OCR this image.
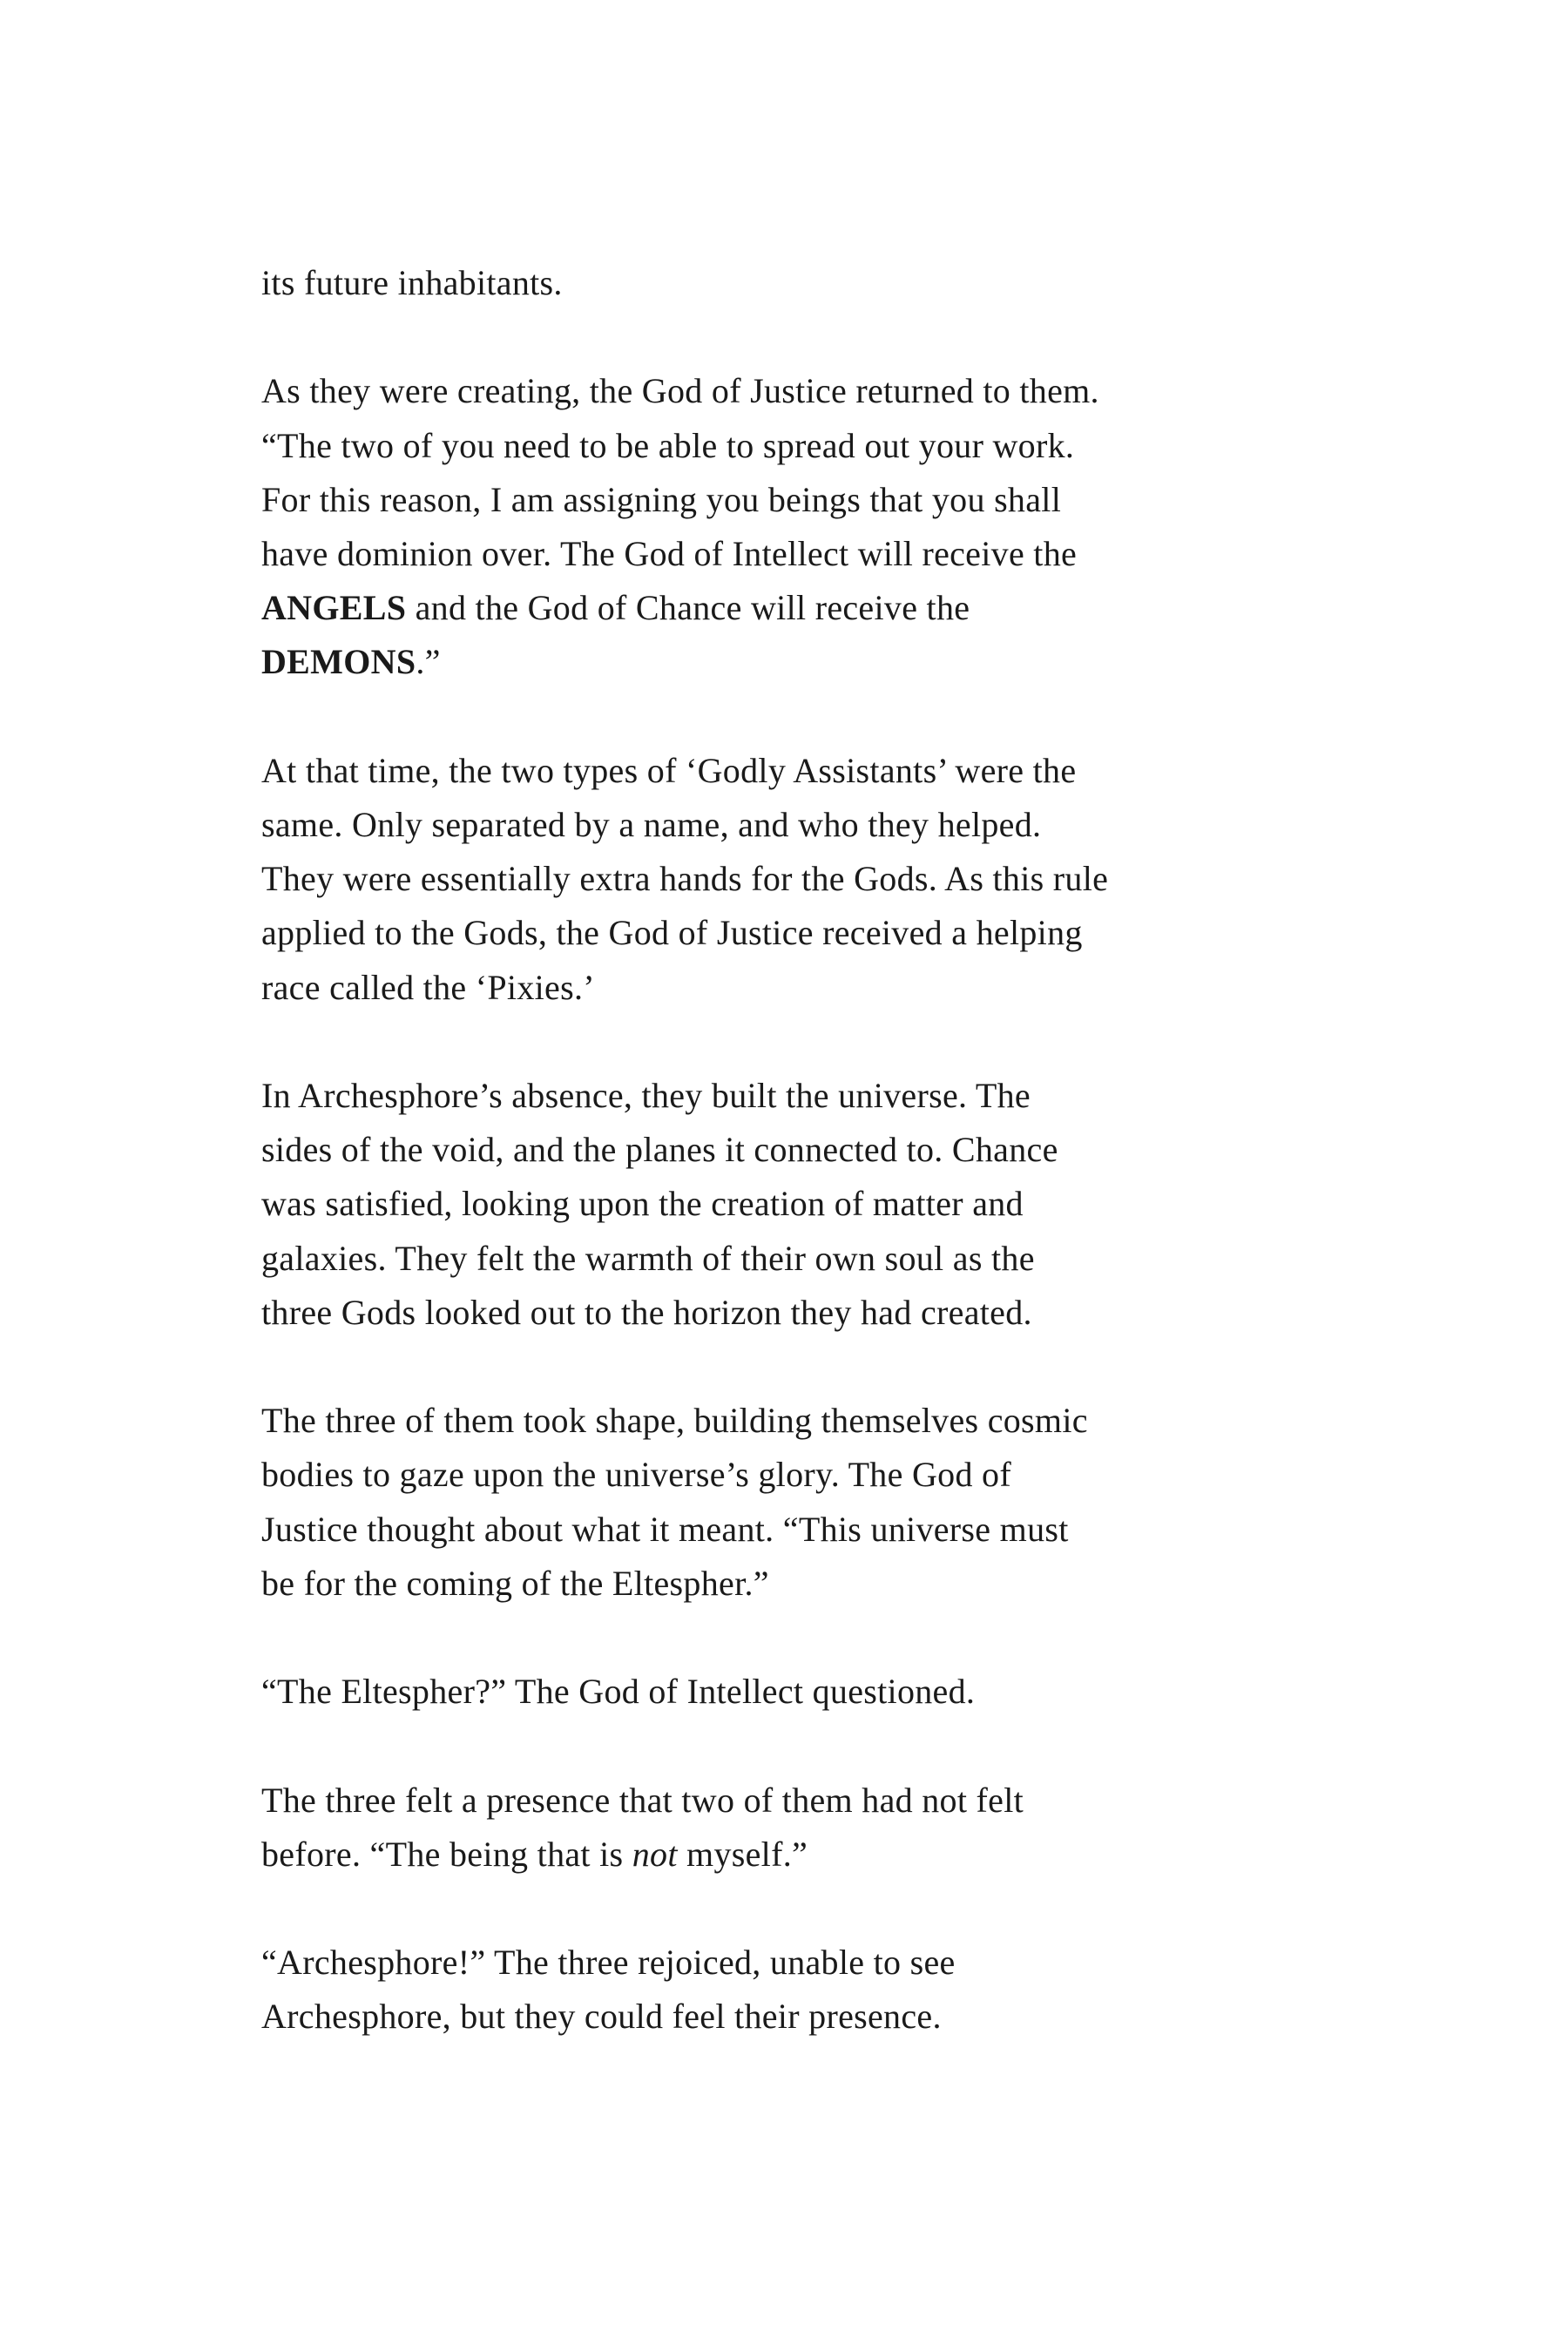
its future inhabitants.

As they were creating, the God of Justice returned to them.
“The two of you need to be able to spread out your work.
For this reason, I am assigning you beings that you shall
have dominion over. The God of Intellect will receive the
ANGELS and the God of Chance will receive the
DEMONS.”

At that time, the two types of ‘Godly Assistants’ were the
same. Only separated by a name, and who they helped.
They were essentially extra hands for the Gods. As this rule
applied to the Gods, the God of Justice received a helping
race called the ‘Pixies.’

In Archesphore’s absence, they built the universe. The
sides of the void, and the planes it connected to. Chance
was satisfied, looking upon the creation of matter and
galaxies. They felt the warmth of their own soul as the
three Gods looked out to the horizon they had created.

The three of them took shape, building themselves cosmic
bodies to gaze upon the universe’s glory. The God of
Justice thought about what it meant. “This universe must
be for the coming of the Eltespher.”

“The Eltespher?” The God of Intellect questioned.

The three felt a presence that two of them had not felt
before. “The being that is not myself.”

“Archesphore!” The three rejoiced, unable to see
Archesphore, but they could feel their presence.
